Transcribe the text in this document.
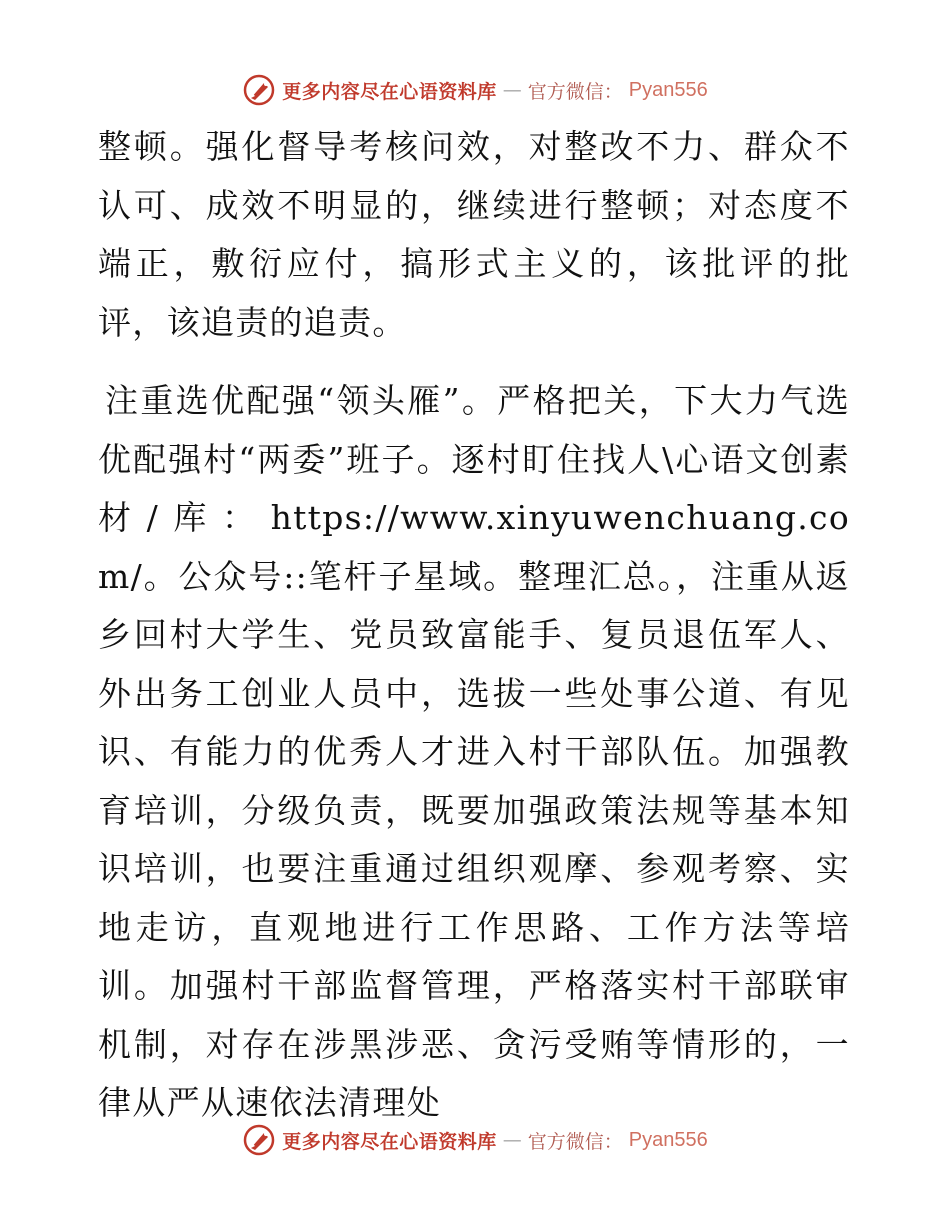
更多内容尽在心语资料库 — 官方微信： Pyan556

整顿。强化督导考核问效，对整改不力、群众不认可、成效不明显的，继续进行整顿；对态度不端正，敷衍应付，搞形式主义的，该批评的批评，该追责的追责。

注重选优配强“领头雁”。严格把关，下大力气选优配强村“两委”班子。逐村盯住找人\心语文创素材/库：https://www.xinyuwenchuang.com/。公众号::笔杆子星域。整理汇总。，注重从返乡回村大学生、党员致富能手、复员退伍军人、外出务工创业人员中，选拔一些处事公道、有见识、有能力的优秀人才进入村干部队伍。加强教育培训，分级负责，既要加强政策法规等基本知识培训，也要注重通过组织观摩、参观考察、实地走访，直观地进行工作思路、工作方法等培训。加强村干部监督管理，严格落实村干部联审机制，对存在涉黑涉恶、贪污受贿等情形的，一律从严从速依法清理处

更多内容尽在心语资料库 — 官方微信： Pyan556
